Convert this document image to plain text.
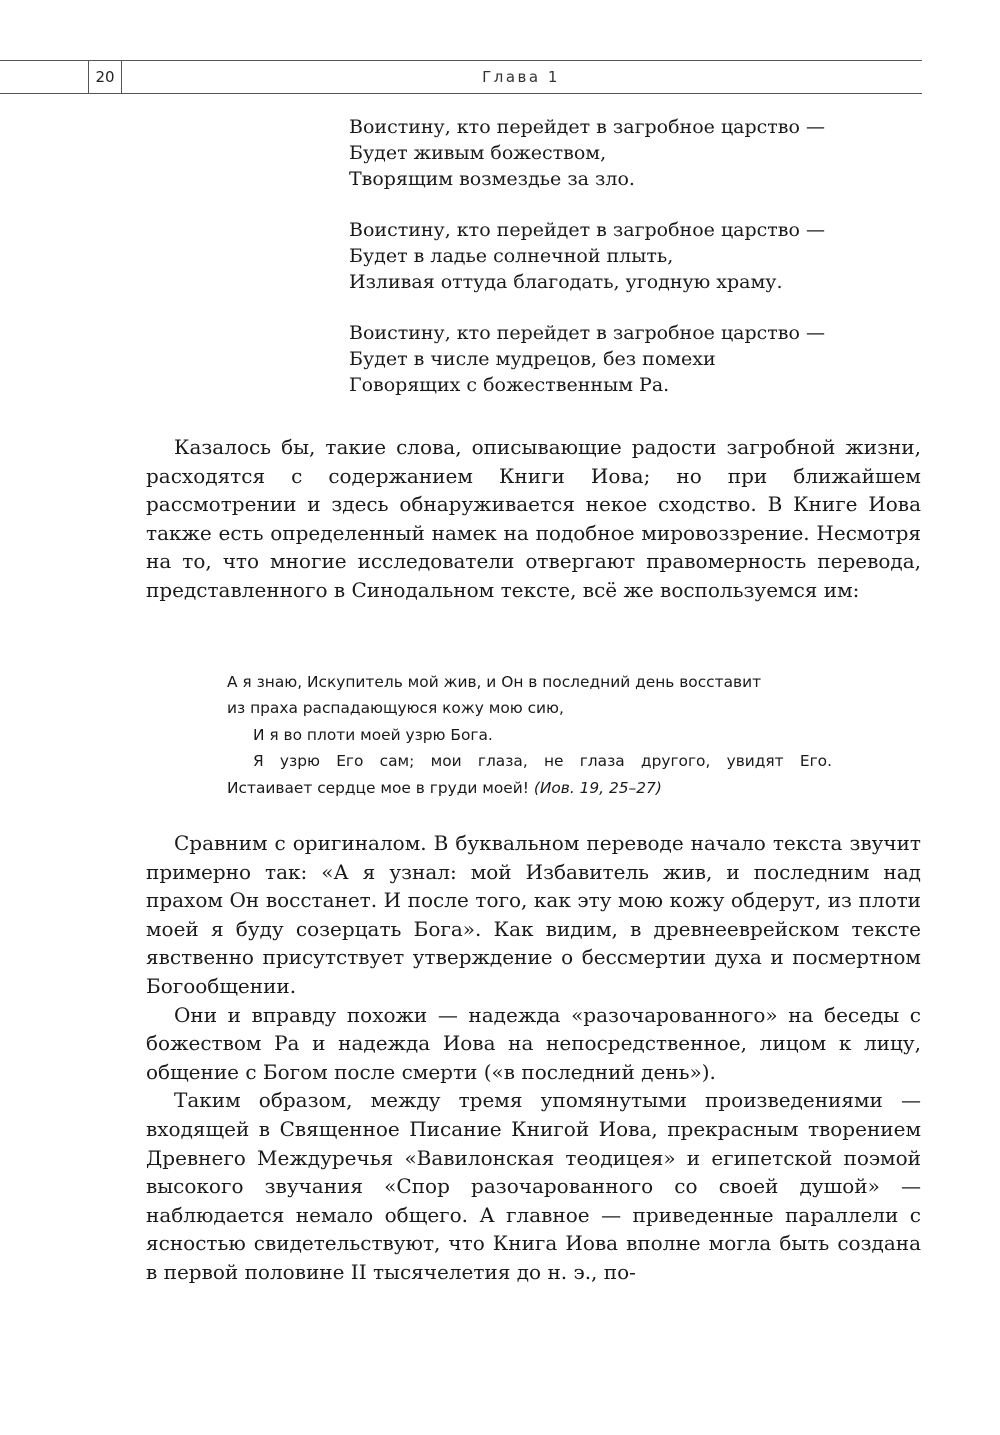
20	Глава 1
Воистину, кто перейдет в загробное царство —
Будет живым божеством,
Творящим возмездье за зло.
Воистину, кто перейдет в загробное царство —
Будет в ладье солнечной плыть,
Изливая оттуда благодать, угодную храму.
Воистину, кто перейдет в загробное царство —
Будет в числе мудрецов, без помехи
Говорящих с божественным Ра.

Казалось бы, такие слова, описывающие радости загробной жизни, расходятся с содержанием Книги Иова; но при ближайшем рассмотрении и здесь обнаруживается некое сходство. В Книге Иова также есть определенный намек на подобное мировоззрение. Несмотря на то, что многие исследователи отвергают правомерность перевода, представленного в Синодальном тексте, всё же воспользуемся им:

А я знаю, Искупитель мой жив, и Он в последний день восставит
из праха распадающуюся кожу мою сию,
И я во плоти моей узрю Бога.
Я узрю Его сам; мои глаза, не глаза другого, увидят Его.
Истаивает сердце мое в груди моей! (Иов. 19, 25–27)

Сравним с оригиналом. В буквальном переводе начало текста звучит примерно так: «А я узнал: мой Избавитель жив, и последним над прахом Он восстанет. И после того, как эту мою кожу обдерут, из плоти моей я буду созерцать Бога». Как видим, в древнееврейском тексте явственно присутствует утверждение о бессмертии духа и посмертном Богообщении.

Они и вправду похожи — надежда «разочарованного» на беседы с божеством Ра и надежда Иова на непосредственное, лицом к лицу, общение с Богом после смерти («в последний день»).

Таким образом, между тремя упомянутыми произведениями — входящей в Священное Писание Книгой Иова, прекрасным творением Древнего Междуречья «Вавилонская теодицея» и египетской поэмой высокого звучания «Спор разочарованного со своей душой» — наблюдается немало общего. А главное — приведенные параллели с ясностью свидетельствуют, что Книга Иова вполне могла быть создана в первой половине II тысячелетия до н. э., по-
